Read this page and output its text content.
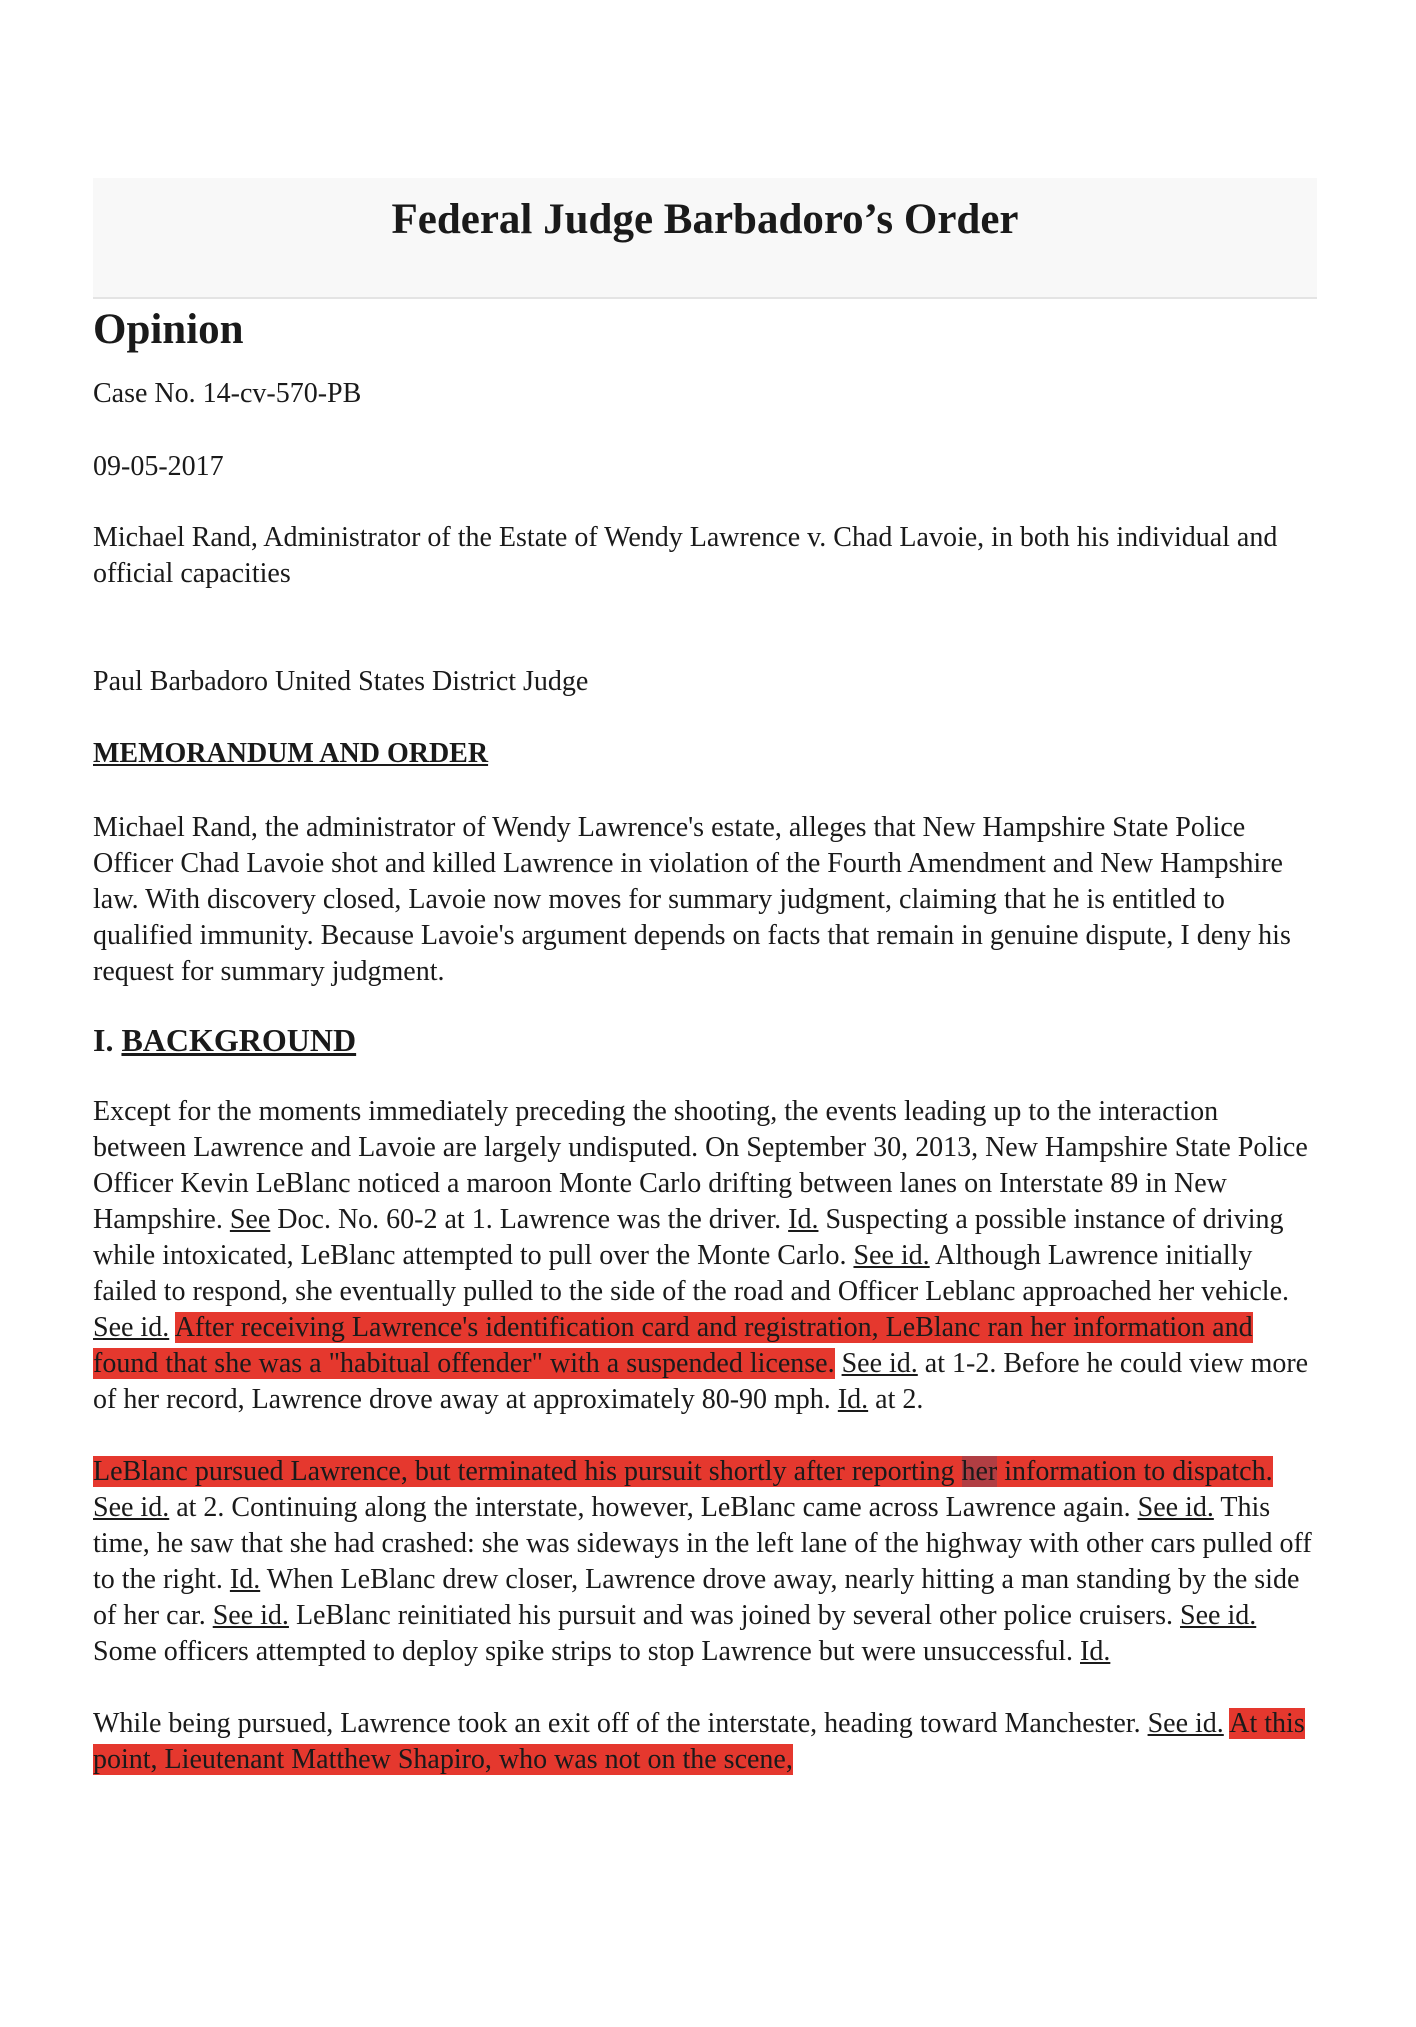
Federal Judge Barbadoro’s Order
Opinion

Case No. 14-cv-570-PB

09-05-2017

Michael Rand, Administrator of the Estate of Wendy Lawrence v. Chad Lavoie, in both his individual and official capacities

Paul Barbadoro United States District Judge

MEMORANDUM AND ORDER

Michael Rand, the administrator of Wendy Lawrence's estate, alleges that New Hampshire State Police Officer Chad Lavoie shot and killed Lawrence in violation of the Fourth Amendment and New Hampshire law. With discovery closed, Lavoie now moves for summary judgment, claiming that he is entitled to qualified immunity. Because Lavoie's argument depends on facts that remain in genuine dispute, I deny his request for summary judgment.

I. BACKGROUND

Except for the moments immediately preceding the shooting, the events leading up to the interaction between Lawrence and Lavoie are largely undisputed. On September 30, 2013, New Hampshire State Police Officer Kevin LeBlanc noticed a maroon Monte Carlo drifting between lanes on Interstate 89 in New Hampshire. See Doc. No. 60-2 at 1. Lawrence was the driver. Id. Suspecting a possible instance of driving while intoxicated, LeBlanc attempted to pull over the Monte Carlo. See id. Although Lawrence initially failed to respond, she eventually pulled to the side of the road and Officer Leblanc approached her vehicle. See id. After receiving Lawrence's identification card and registration, LeBlanc ran her information and found that she was a "habitual offender" with a suspended license. See id. at 1-2. Before he could view more of her record, Lawrence drove away at approximately 80-90 mph. Id. at 2.

LeBlanc pursued Lawrence, but terminated his pursuit shortly after reporting her information to dispatch. See id. at 2. Continuing along the interstate, however, LeBlanc came across Lawrence again. See id. This time, he saw that she had crashed: she was sideways in the left lane of the highway with other cars pulled off to the right. Id. When LeBlanc drew closer, Lawrence drove away, nearly hitting a man standing by the side of her car. See id. LeBlanc reinitiated his pursuit and was joined by several other police cruisers. See id. Some officers attempted to deploy spike strips to stop Lawrence but were unsuccessful. Id.

While being pursued, Lawrence took an exit off of the interstate, heading toward Manchester. See id. At this point, Lieutenant Matthew Shapiro, who was not on the scene,
